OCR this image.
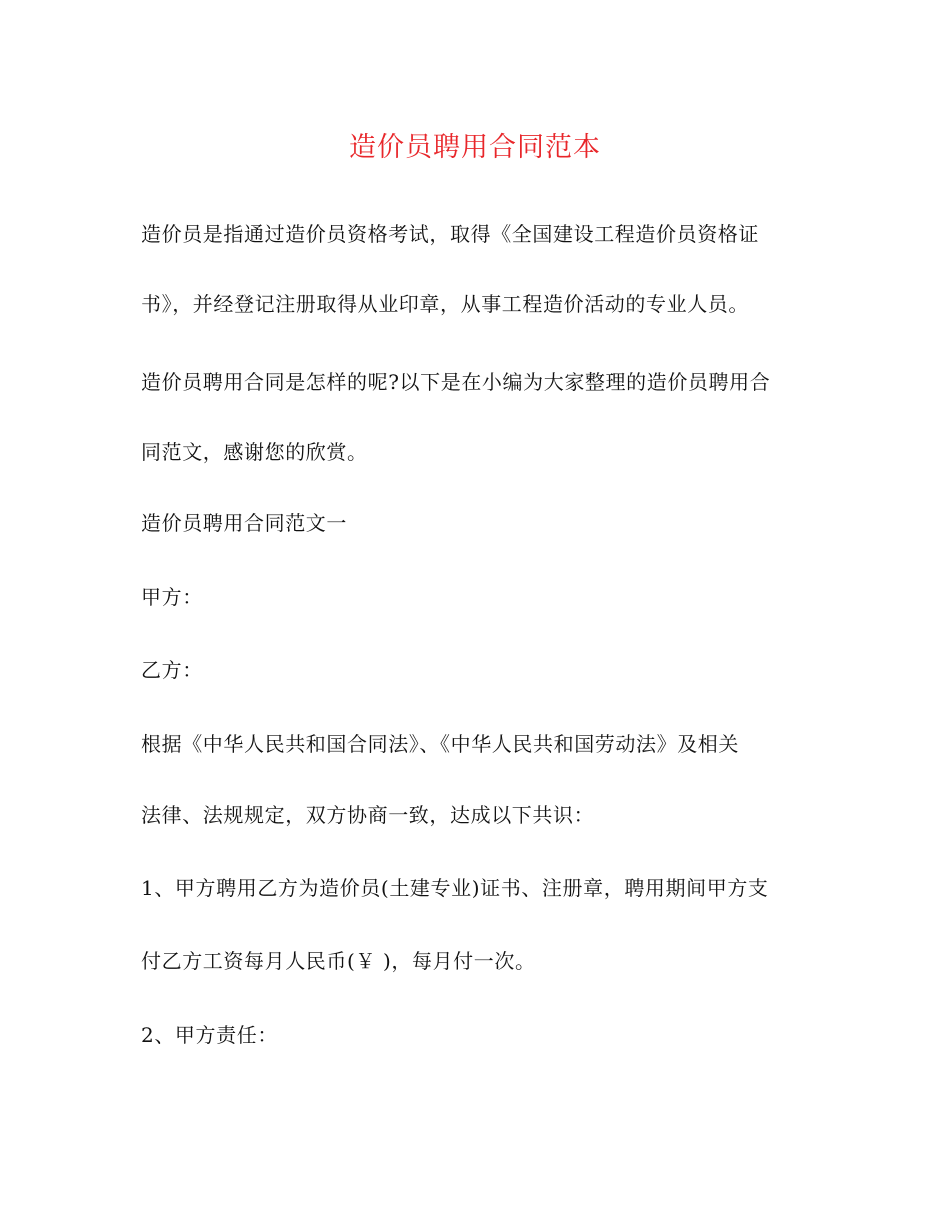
造价员聘用合同范本
造价员是指通过造价员资格考试，取得《全国建设工程造价员资格证
书》，并经登记注册取得从业印章，从事工程造价活动的专业人员。
造价员聘用合同是怎样的呢?以下是在小编为大家整理的造价员聘用合
同范文，感谢您的欣赏。
造价员聘用合同范文一
甲方：
乙方：
根据《中华人民共和国合同法》、《中华人民共和国劳动法》及相关
法律、法规规定，双方协商一致，达成以下共识：
1、甲方聘用乙方为造价员(土建专业)证书、注册章，聘用期间甲方支
付乙方工资每月人民币(￥ )，每月付一次。
2、甲方责任：
